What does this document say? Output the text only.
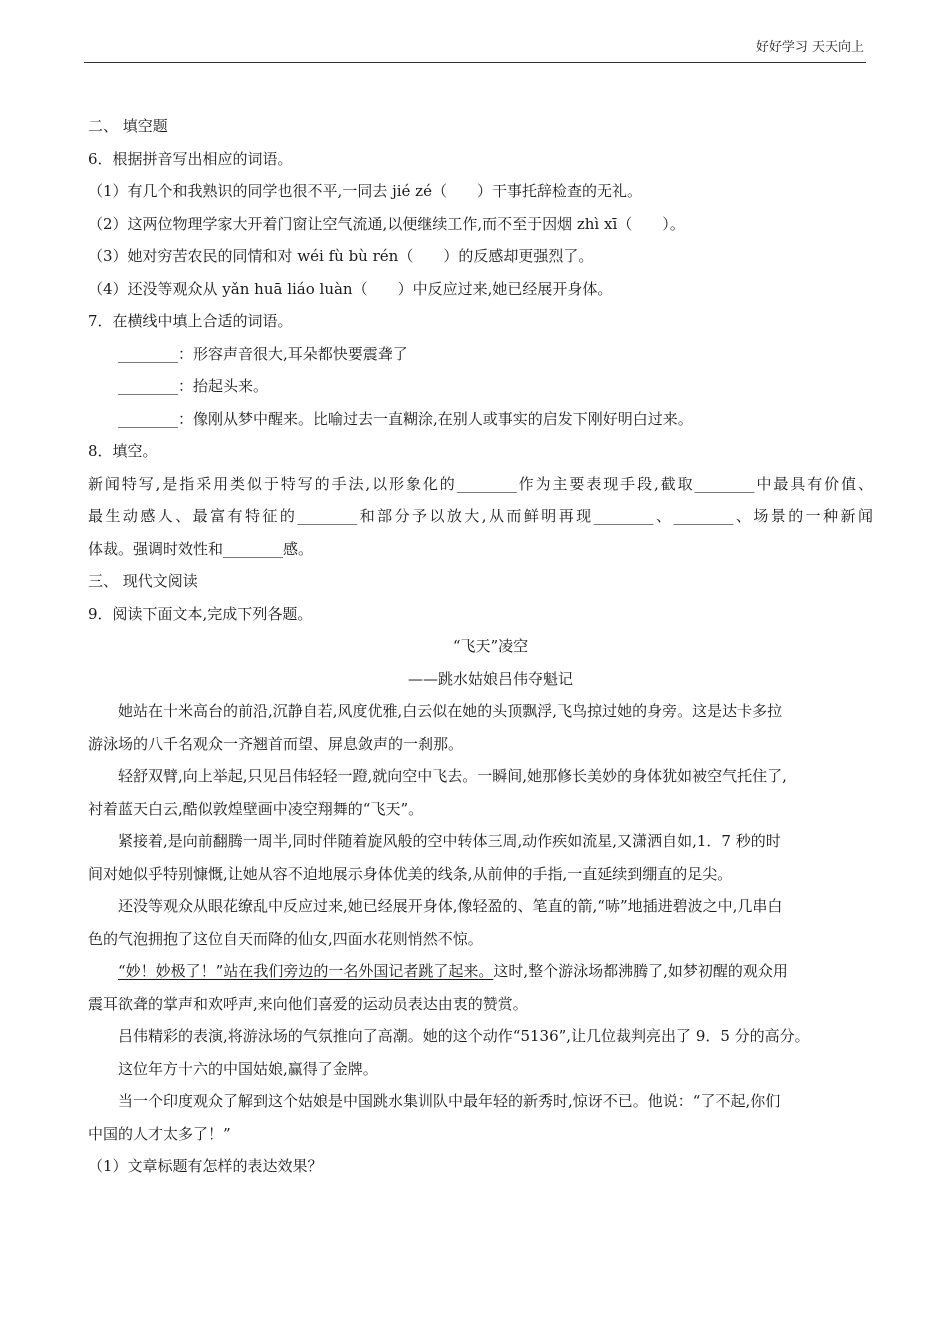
好好学习 天天向上
二、 填空题
6．根据拼音写出相应的词语。
（1）有几个和我熟识的同学也很不平,一同去 jié zé（　　）干事托辞检查的无礼。
（2）这两位物理学家大开着门窗让空气流通,以便继续工作,而不至于因烟 zhì xī（　　）。
（3）她对穷苦农民的同情和对 wéi fù bù rén（　　）的反感却更强烈了。
（4）还没等观众从 yǎn huā liáo luàn（　　）中反应过来,她已经展开身体。
7．在横线中填上合适的词语。
________：形容声音很大,耳朵都快要震聋了
________：抬起头来。
________：像刚从梦中醒来。比喻过去一直糊涂,在别人或事实的启发下刚好明白过来。
8．填空。
新闻特写,是指采用类似于特写的手法,以形象化的________作为主要表现手段,截取________中最具有价值、
最生动感人、最富有特征的________和部分予以放大,从而鲜明再现________、________、场景的一种新闻
体裁。强调时效性和________感。
三、 现代文阅读
9．阅读下面文本,完成下列各题。
“飞天”凌空
——跳水姑娘吕伟夺魁记
她站在十米高台的前沿,沉静自若,风度优雅,白云似在她的头顶飘浮,飞鸟掠过她的身旁。这是达卡多拉
游泳场的八千名观众一齐翘首而望、屏息敛声的一刹那。
轻舒双臂,向上举起,只见吕伟轻轻一蹬,就向空中飞去。一瞬间,她那修长美妙的身体犹如被空气托住了,
衬着蓝天白云,酷似敦煌壁画中凌空翔舞的“飞天”。
紧接着,是向前翻腾一周半,同时伴随着旋风般的空中转体三周,动作疾如流星,又潇洒自如,1．7 秒的时
间对她似乎特别慷慨,让她从容不迫地展示身体优美的线条,从前伸的手指,一直延续到绷直的足尖。
还没等观众从眼花缭乱中反应过来,她已经展开身体,像轻盈的、笔直的箭,“哧”地插进碧波之中,几串白
色的气泡拥抱了这位自天而降的仙女,四面水花则悄然不惊。
“妙！妙极了！”站在我们旁边的一名外国记者跳了起来。这时,整个游泳场都沸腾了,如梦初醒的观众用
震耳欲聋的掌声和欢呼声,来向他们喜爱的运动员表达由衷的赞赏。
吕伟精彩的表演,将游泳场的气氛推向了高潮。她的这个动作“5136”,让几位裁判亮出了 9．5 分的高分。
这位年方十六的中国姑娘,赢得了金牌。
当一个印度观众了解到这个姑娘是中国跳水集训队中最年轻的新秀时,惊讶不已。他说：“了不起,你们
中国的人才太多了！”
（1）文章标题有怎样的表达效果？
